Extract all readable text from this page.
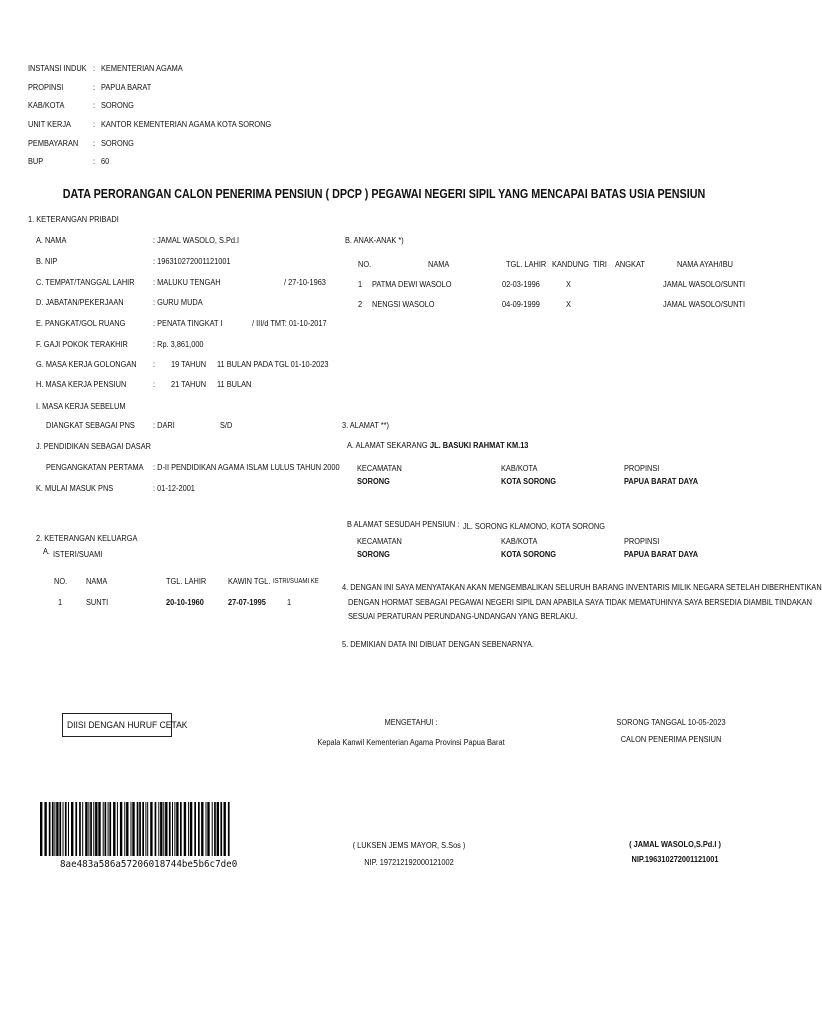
INSTANSI INDUK : KEMENTERIAN AGAMA
PROPINSI	: PAPUA BARAT
KAB/KOTA	: SORONG
UNIT KERJA	: KANTOR KEMENTERIAN AGAMA KOTA SORONG
PEMBAYARAN : SORONG
BUP	: 60
DATA PERORANGAN CALON PENERIMA PENSIUN ( DPCP ) PEGAWAI NEGERI SIPIL YANG MENCAPAI BATAS USIA PENSIUN
1. KETERANGAN PRIBADI
A. NAMA	: JAMAL WASOLO, S.Pd.I
B. NIP	: 196310272001121001
C. TEMPAT/TANGGAL LAHIR : MALUKU TENGAH	/ 27-10-1963
D. JABATAN/PEKERJAAN	: GURU MUDA
E. PANGKAT/GOL RUANG	: PENATA TINGKAT I	/ III/d TMT: 01-10-2017
F. GAJI POKOK TERAKHIR	: Rp. 3,861,000
G. MASA KERJA GOLONGAN : 19 TAHUN 11 BULAN PADA TGL 01-10-2023
H. MASA KERJA PENSIUN	: 21 TAHUN 11 BULAN
I. MASA KERJA SEBELUM
DIANGKAT SEBAGAI PNS : DARI	S/D
J. PENDIDIKAN SEBAGAI DASAR
PENGANGKATAN PERTAMA : D-II PENDIDIKAN AGAMA ISLAM LULUS TAHUN 2000
K. MULAI MASUK PNS	: 01-12-2001
B. ANAK-ANAK *)
NO.	NAMA	TGL. LAHIR KANDUNG TIRI ANGKAT	NAMA AYAH/IBU
1 PATMA DEWI WASOLO	02-03-1996	X	JAMAL WASOLO/SUNTI
2 NENGSI WASOLO	04-09-1999	X	JAMAL WASOLO/SUNTI
3. ALAMAT **)
A. ALAMAT SEKARANG :
JL. BASUKI RAHMAT KM.13
KECAMATAN	KAB/KOTA	PROPINSI
SORONG	KOTA SORONG	PAPUA BARAT DAYA
B ALAMAT SESUDAH PENSIUN : JL. SORONG KLAMONO, KOTA SORONG
KECAMATAN	KAB/KOTA	PROPINSI
SORONG	KOTA SORONG	PAPUA BARAT DAYA
2. KETERANGAN KELUARGA
A. ISTERI/SUAMI
NO. NAMA	TGL. LAHIR	KAWIN TGL. ISTRI/SUAMI KE
1	SUNTI	20-10-1960	27-07-1995 1
4. DENGAN INI SAYA MENYATAKAN AKAN MENGEMBALIKAN SELURUH BARANG INVENTARIS MILIK NEGARA SETELAH DIBERHENTIKAN
DENGAN HORMAT SEBAGAI PEGAWAI NEGERI SIPIL DAN APABILA SAYA TIDAK MEMATUHINYA SAYA BERSEDIA DIAMBIL TINDAKAN
SESUAI PERATURAN PERUNDANG-UNDANGAN YANG BERLAKU.
5. DEMIKIAN DATA INI DIBUAT DENGAN SEBENARNYA.
DIISI DENGAN HURUF CETAK	MENGETAHUI :
Kepala Kanwil Kementerian Agama Provinsi Papua Barat
( LUKSEN JEMS MAYOR, S.Sos )
NIP. 197212192000121002
SORONG TANGGAL 10-05-2023
CALON PENERIMA PENSIUN
( JAMAL WASOLO,S.Pd.I )
NIP.196310272001121001
8ae483a586a57206018744be5b6c7de0
